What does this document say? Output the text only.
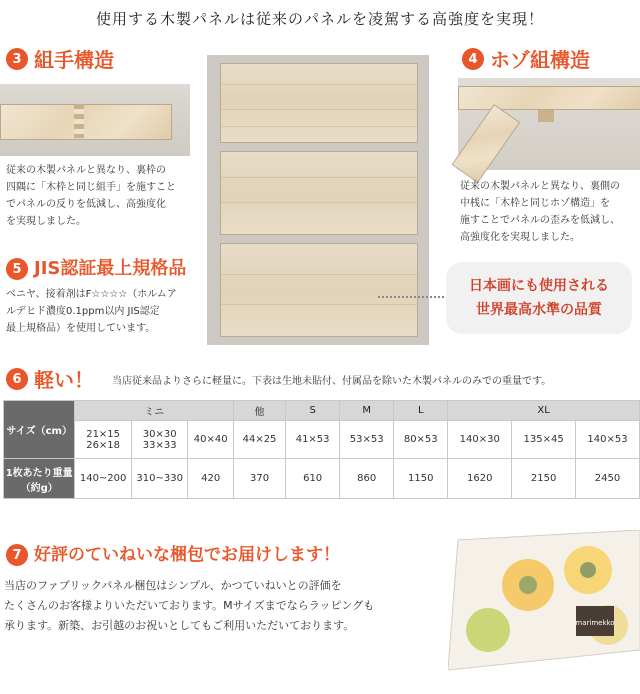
使用する木製パネルは従来のパネルを凌駕する高強度を実現！
3 組手構造
従来の木製パネルと異なり、裏枠の
四隅に「木枠と同じ組手」を施すこと
でパネルの反りを低減し、高強度化
を実現しました。
5 JIS認証最上規格品
ベニヤ、接着剤はF☆☆☆☆（ホルムア
ルデヒド濃度0.1ppm以内 JIS認定
最上規格品）を使用しています。
4 ホゾ組構造
従来の木製パネルと異なり、裏側の
中桟に「木枠と同じホゾ構造」を
施すことでパネルの歪みを低減し、
高強度化を実現しました。
日本画にも使用される
世界最高水準の品質
6 軽い！ 当店従来品よりさらに軽量に。下表は生地未貼付、付属品を除いた木製パネルのみでの重量です。
サイズ（cm）	ミニ			他	S	M	L	XL		
	21×15 26×18	30×30 33×33	40×40	44×25	41×53	53×53	80×53	140×30	135×45	140×53
1枚あたり重量（約g）	140~200	310~330	420	370	610	860	1150	1620	2150	2450
7 好評のていねいな梱包でお届けします！
当店のファブリックパネル梱包はシンプル、かつていねいとの評価を
たくさんのお客様よりいただいております。Mサイズまでならラッピングも
承ります。新築、お引越のお祝いとしてもご利用いただいております。	marimekko
